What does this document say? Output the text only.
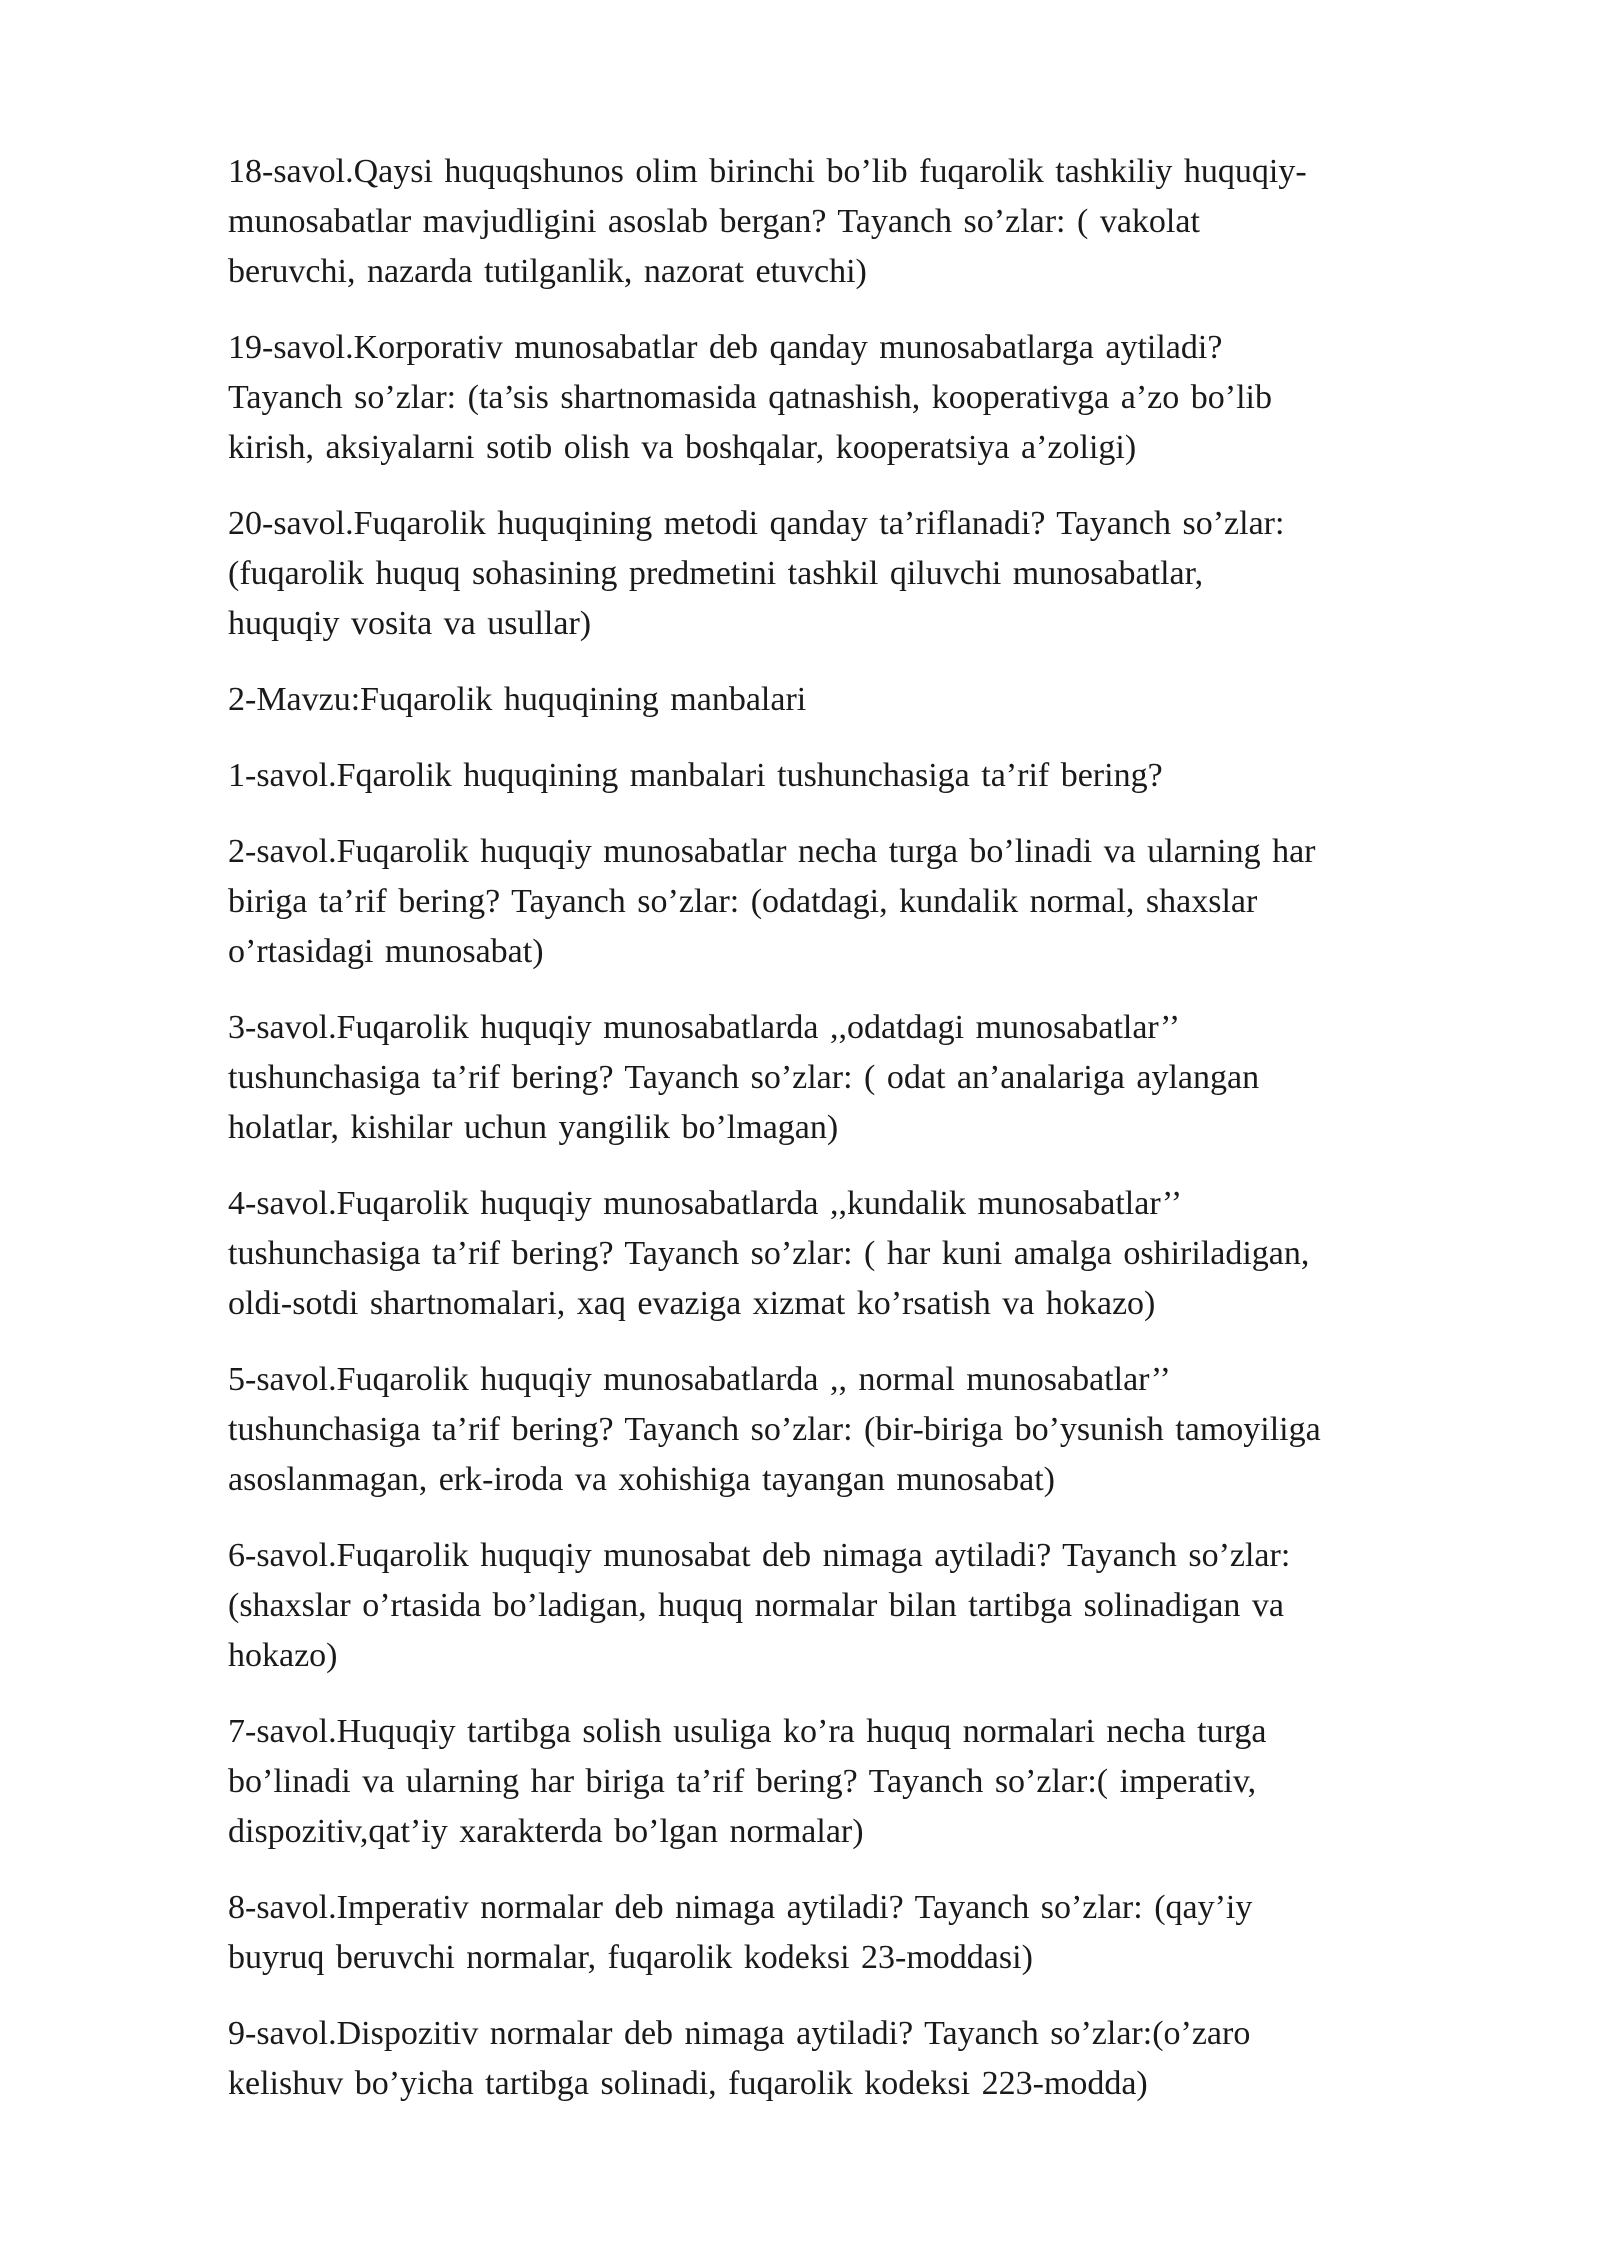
18-savol.Qaysi huquqshunos olim birinchi bo’lib fuqarolik tashkiliy huquqiy-
munosabatlar mavjudligini asoslab bergan? Tayanch so’zlar: ( vakolat
beruvchi, nazarda tutilganlik, nazorat etuvchi)

19-savol.Korporativ munosabatlar deb qanday munosabatlarga aytiladi?
Tayanch so’zlar: (ta’sis shartnomasida qatnashish, kooperativga a’zo bo’lib
kirish, aksiyalarni sotib olish va boshqalar, kooperatsiya a’zoligi)

20-savol.Fuqarolik huquqining metodi qanday ta’riflanadi? Tayanch so’zlar:
(fuqarolik huquq sohasining predmetini tashkil qiluvchi munosabatlar,
huquqiy vosita va usullar)

2-Mavzu:Fuqarolik huquqining manbalari

1-savol.Fqarolik huquqining manbalari tushunchasiga ta’rif bering?

2-savol.Fuqarolik huquqiy munosabatlar necha turga bo’linadi va ularning har
biriga ta’rif bering? Tayanch so’zlar: (odatdagi, kundalik normal, shaxslar
o’rtasidagi munosabat)

3-savol.Fuqarolik huquqiy munosabatlarda ,,odatdagi munosabatlar’’
tushunchasiga ta’rif bering? Tayanch so’zlar: ( odat an’analariga aylangan
holatlar, kishilar uchun yangilik bo’lmagan)

4-savol.Fuqarolik huquqiy munosabatlarda ,,kundalik munosabatlar’’
tushunchasiga ta’rif bering? Tayanch so’zlar: ( har kuni amalga oshiriladigan,
oldi-sotdi shartnomalari, xaq evaziga xizmat ko’rsatish va hokazo)

5-savol.Fuqarolik huquqiy munosabatlarda ,, normal munosabatlar’’
tushunchasiga ta’rif bering? Tayanch so’zlar: (bir-biriga bo’ysunish tamoyiliga
asoslanmagan, erk-iroda va xohishiga tayangan munosabat)

6-savol.Fuqarolik huquqiy munosabat deb nimaga aytiladi? Tayanch so’zlar:
(shaxslar o’rtasida bo’ladigan, huquq normalar bilan tartibga solinadigan va
hokazo)

7-savol.Huquqiy tartibga solish usuliga ko’ra huquq normalari necha turga
bo’linadi va ularning har biriga ta’rif bering? Tayanch so’zlar:( imperativ,
dispozitiv,qat’iy xarakterda bo’lgan normalar)

8-savol.Imperativ normalar deb nimaga aytiladi? Tayanch so’zlar: (qay’iy
buyruq beruvchi normalar, fuqarolik kodeksi 23-moddasi)

9-savol.Dispozitiv normalar deb nimaga aytiladi? Tayanch so’zlar:(o’zaro
kelishuv bo’yicha tartibga solinadi, fuqarolik kodeksi 223-modda)
